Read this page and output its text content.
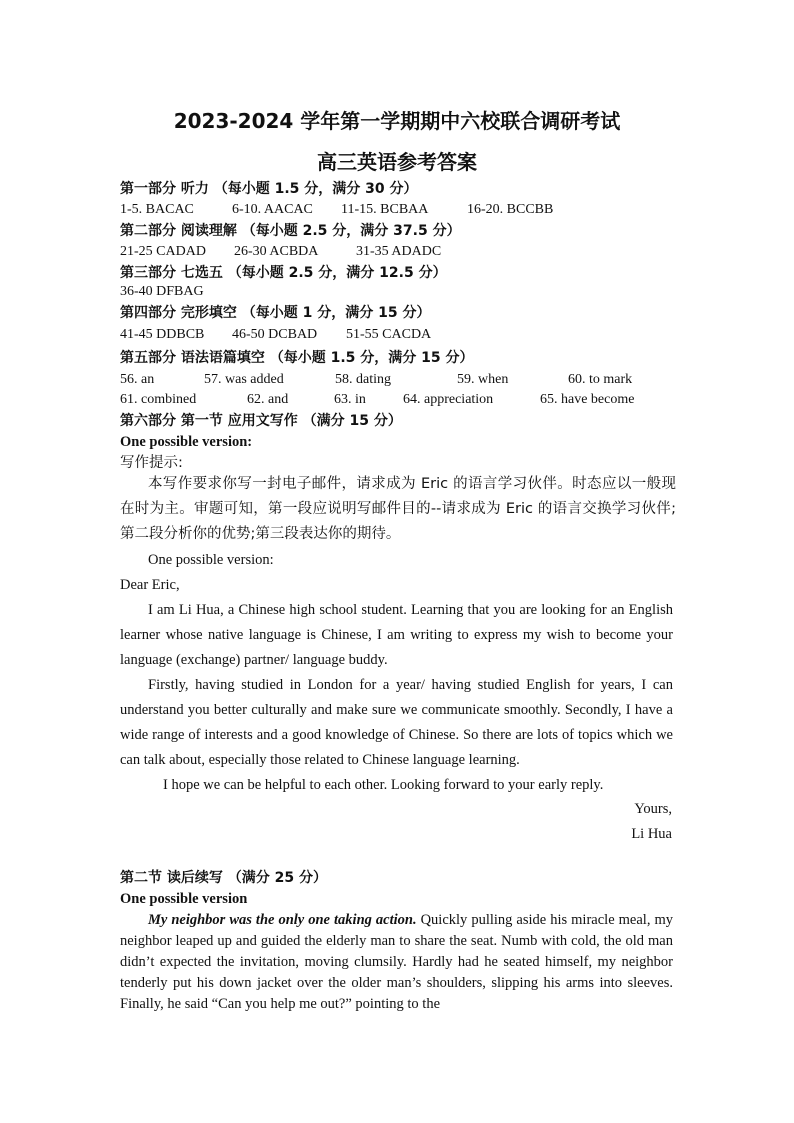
2023-2024 学年第一学期期中六校联合调研考试
高三英语参考答案
第一部分 听力 （每小题 1.5 分，满分 30 分）
1-5. BACAC	6-10. AACAC 11-15. BCBAA	16-20. BCCBB
第二部分 阅读理解 （每小题 2.5 分，满分 37.5 分）
21-25 CADAD 26-30 ACBDA	31-35 ADADC
第三部分 七选五 （每小题 2.5 分，满分 12.5 分）
36-40 DFBAG
第四部分 完形填空 （每小题 1 分，满分 15 分）
41-45 DDBCB 46-50 DCBAD 51-55 CACDA
第五部分 语法语篇填空 （每小题 1.5 分，满分 15 分）
56. an	57. was added	58. dating	59. when	60. to mark
61. combined	62. and	63. in	64. appreciation	65. have become
第六部分 第一节 应用文写作 （满分 15 分）
One possible version:
写作提示:
本写作要求你写一封电子邮件，请求成为 Eric 的语言学习伙伴。时态应以一般现在时为主。审题可知，第一段应说明写邮件目的--请求成为 Eric 的语言交换学习伙伴;第二段分析你的优势;第三段表达你的期待。
One possible version:
Dear Eric,
I am Li Hua, a Chinese high school student. Learning that you are looking for an English learner whose native language is Chinese, I am writing to express my wish to become your language (exchange) partner/ language buddy.
Firstly, having studied in London for a year/ having studied English for years, I can understand you better culturally and make sure we communicate smoothly. Secondly, I have a wide range of interests and a good knowledge of Chinese. So there are lots of topics which we can talk about, especially those related to Chinese language learning.
I hope we can be helpful to each other. Looking forward to your early reply.
Yours,
Li Hua
第二节 读后续写 （满分 25 分）
One possible version
My neighbor was the only one taking action. Quickly pulling aside his miracle meal, my neighbor leaped up and guided the elderly man to share the seat. Numb with cold, the old man didn’t expected the invitation, moving clumsily. Hardly had he seated himself, my neighbor tenderly put his down jacket over the older man’s shoulders, slipping his arms into sleeves. Finally, he said “Can you help me out?” pointing to the
